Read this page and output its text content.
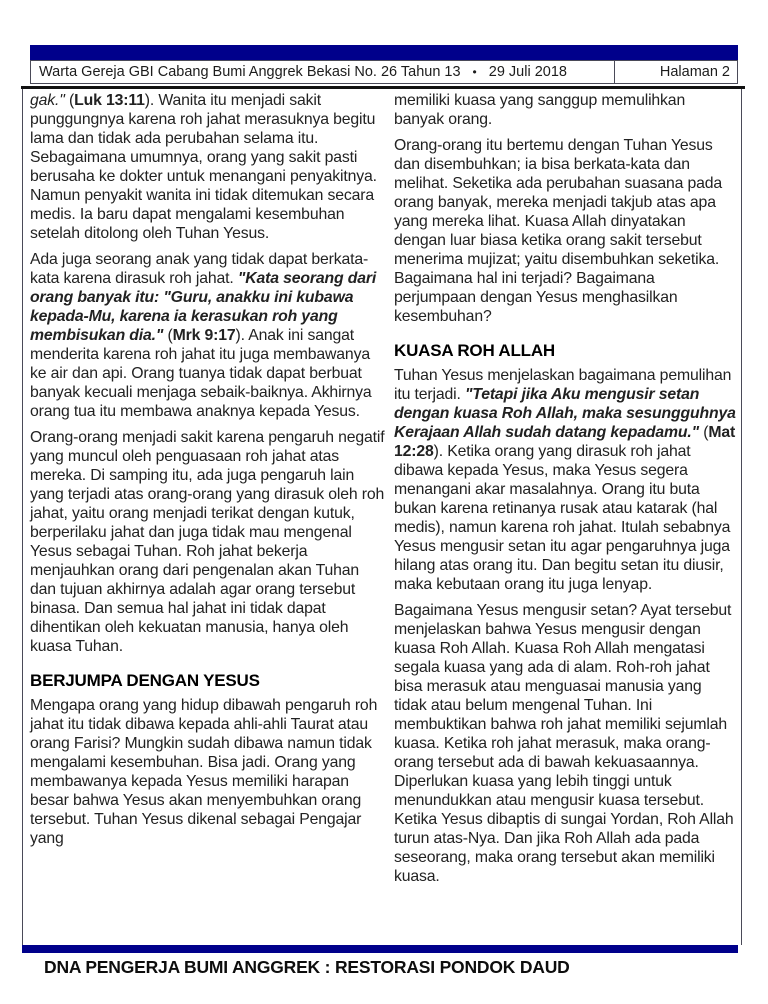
Warta Gereja GBI Cabang Bumi Anggrek Bekasi No. 26 Tahun 13 • 29 Juli 2018	Halaman 2

gak." (Luk 13:11). Wanita itu menjadi sakit punggungnya karena roh jahat merasuknya begitu lama dan tidak ada perubahan selama itu. Sebagaimana umumnya, orang yang sakit pasti berusaha ke dokter untuk menangani penyakitnya. Namun penyakit wanita ini tidak ditemukan secara medis. Ia baru dapat mengalami kesembuhan setelah ditolong oleh Tuhan Yesus.

Ada juga seorang anak yang tidak dapat berkata-kata karena dirasuk roh jahat. "Kata seorang dari orang banyak itu: "Guru, anakku ini kubawa kepada-Mu, karena ia kerasukan roh yang membisukan dia." (Mrk 9:17). Anak ini sangat menderita karena roh jahat itu juga membawanya ke air dan api. Orang tuanya tidak dapat berbuat banyak kecuali menjaga sebaik-baiknya. Akhirnya orang tua itu membawa anaknya kepada Yesus.

Orang-orang menjadi sakit karena pengaruh negatif yang muncul oleh penguasaan roh jahat atas mereka. Di samping itu, ada juga pengaruh lain yang terjadi atas orang-orang yang dirasuk oleh roh jahat, yaitu orang menjadi terikat dengan kutuk, berperilaku jahat dan juga tidak mau mengenal Yesus sebagai Tuhan. Roh jahat bekerja menjauhkan orang dari pengenalan akan Tuhan dan tujuan akhirnya adalah agar orang tersebut binasa. Dan semua hal jahat ini tidak dapat dihentikan oleh kekuatan manusia, hanya oleh kuasa Tuhan.

BERJUMPA DENGAN YESUS

Mengapa orang yang hidup dibawah pengaruh roh jahat itu tidak dibawa kepada ahli-ahli Taurat atau orang Farisi? Mungkin sudah dibawa namun tidak mengalami kesembuhan. Bisa jadi. Orang yang membawanya kepada Yesus memiliki harapan besar bahwa Yesus akan menyembuhkan orang tersebut. Tuhan Yesus dikenal sebagai Pengajar yang

memiliki kuasa yang sanggup memulihkan banyak orang.

Orang-orang itu bertemu dengan Tuhan Yesus dan disembuhkan; ia bisa berkata-kata dan melihat. Seketika ada perubahan suasana pada orang banyak, mereka menjadi takjub atas apa yang mereka lihat. Kuasa Allah dinyatakan dengan luar biasa ketika orang sakit tersebut menerima mujizat; yaitu disembuhkan seketika. Bagaimana hal ini terjadi? Bagaimana perjumpaan dengan Yesus menghasilkan kesembuhan?

KUASA ROH ALLAH

Tuhan Yesus menjelaskan bagaimana pemulihan itu terjadi. "Tetapi jika Aku mengusir setan dengan kuasa Roh Allah, maka sesungguhnya Kerajaan Allah sudah datang kepadamu." (Mat 12:28). Ketika orang yang dirasuk roh jahat dibawa kepada Yesus, maka Yesus segera menangani akar masalahnya. Orang itu buta bukan karena retinanya rusak atau katarak (hal medis), namun karena roh jahat. Itulah sebabnya Yesus mengusir setan itu agar pengaruhnya juga hilang atas orang itu. Dan begitu setan itu diusir, maka kebutaan orang itu juga lenyap.

Bagaimana Yesus mengusir setan? Ayat tersebut menjelaskan bahwa Yesus mengusir dengan kuasa Roh Allah. Kuasa Roh Allah mengatasi segala kuasa yang ada di alam. Roh-roh jahat bisa merasuk atau menguasai manusia yang tidak atau belum mengenal Tuhan. Ini membuktikan bahwa roh jahat memiliki sejumlah kuasa. Ketika roh jahat merasuk, maka orang-orang tersebut ada di bawah kekuasaannya. Diperlukan kuasa yang lebih tinggi untuk menundukkan atau mengusir kuasa tersebut. Ketika Yesus dibaptis di sungai Yordan, Roh Allah turun atas-Nya. Dan jika Roh Allah ada pada seseorang, maka orang tersebut akan memiliki kuasa.

DNA PENGERJA BUMI ANGGREK : RESTORASI PONDOK DAUD
